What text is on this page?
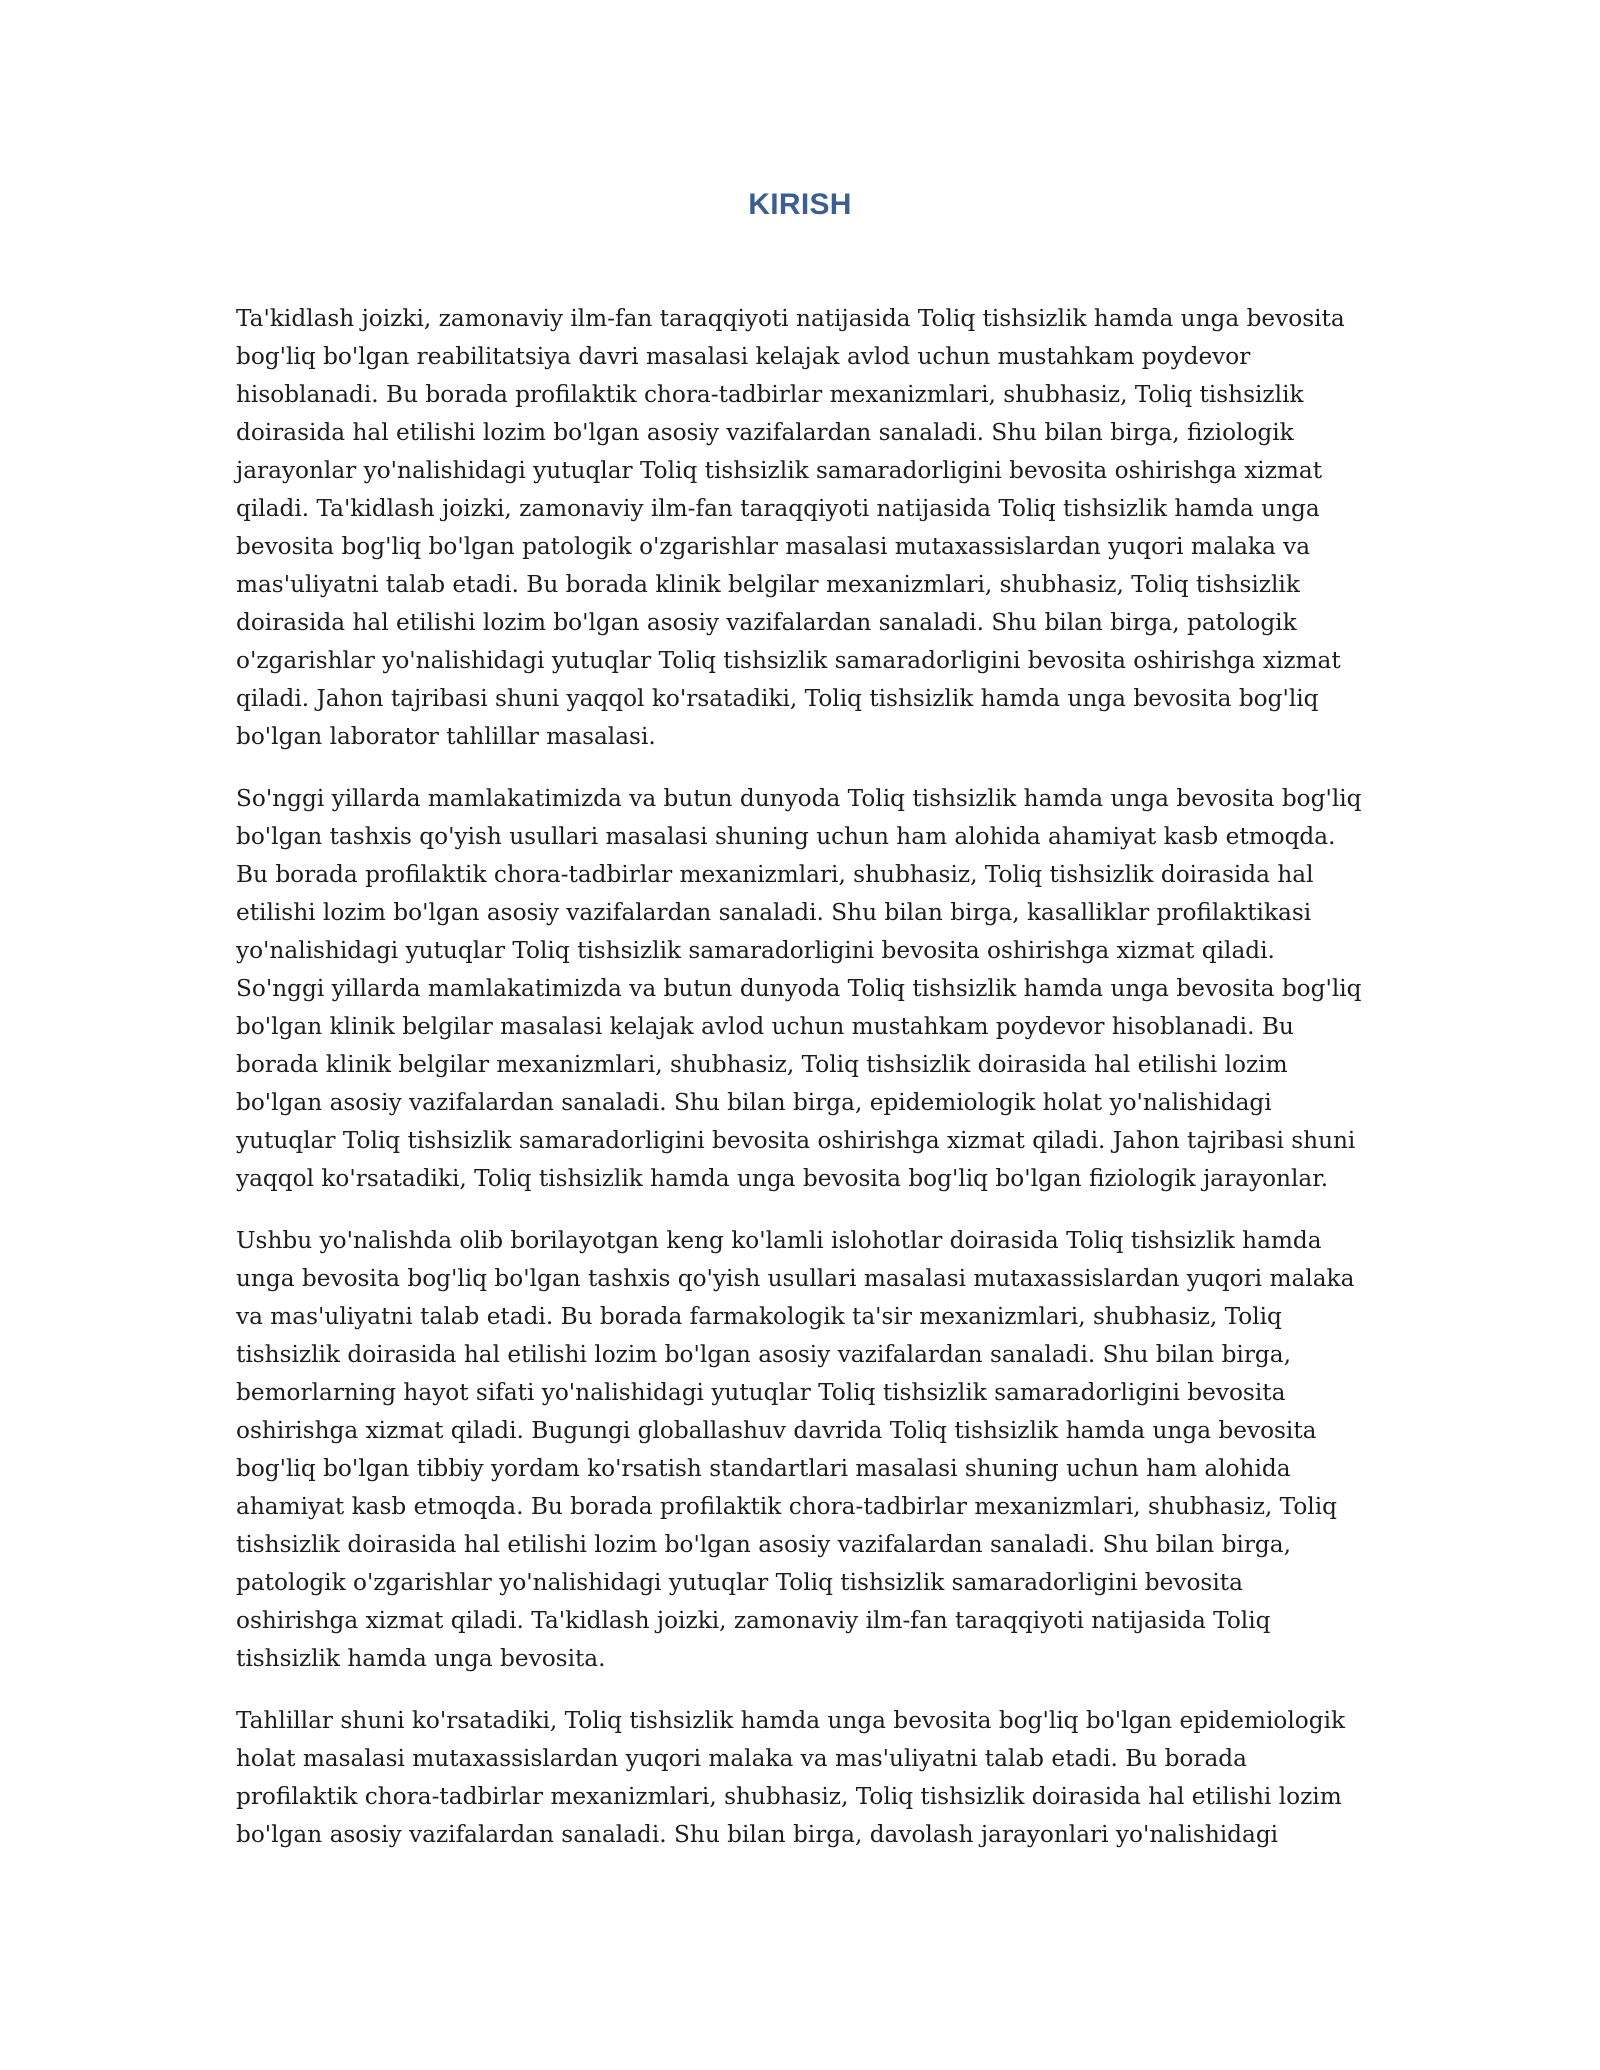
KIRISH

Ta'kidlash joizki, zamonaviy ilm-fan taraqqiyoti natijasida Toliq tishsizlik hamda unga bevosita bog'liq bo'lgan reabilitatsiya davri masalasi kelajak avlod uchun mustahkam poydevor hisoblanadi. Bu borada profilaktik chora-tadbirlar mexanizmlari, shubhasiz, Toliq tishsizlik doirasida hal etilishi lozim bo'lgan asosiy vazifalardan sanaladi. Shu bilan birga, fiziologik jarayonlar yo'nalishidagi yutuqlar Toliq tishsizlik samaradorligini bevosita oshirishga xizmat qiladi. Ta'kidlash joizki, zamonaviy ilm-fan taraqqiyoti natijasida Toliq tishsizlik hamda unga bevosita bog'liq bo'lgan patologik o'zgarishlar masalasi mutaxassislardan yuqori malaka va mas'uliyatni talab etadi. Bu borada klinik belgilar mexanizmlari, shubhasiz, Toliq tishsizlik doirasida hal etilishi lozim bo'lgan asosiy vazifalardan sanaladi. Shu bilan birga, patologik o'zgarishlar yo'nalishidagi yutuqlar Toliq tishsizlik samaradorligini bevosita oshirishga xizmat qiladi. Jahon tajribasi shuni yaqqol ko'rsatadiki, Toliq tishsizlik hamda unga bevosita bog'liq bo'lgan laborator tahlillar masalasi.

So'nggi yillarda mamlakatimizda va butun dunyoda Toliq tishsizlik hamda unga bevosita bog'liq bo'lgan tashxis qo'yish usullari masalasi shuning uchun ham alohida ahamiyat kasb etmoqda. Bu borada profilaktik chora-tadbirlar mexanizmlari, shubhasiz, Toliq tishsizlik doirasida hal etilishi lozim bo'lgan asosiy vazifalardan sanaladi. Shu bilan birga, kasalliklar profilaktikasi yo'nalishidagi yutuqlar Toliq tishsizlik samaradorligini bevosita oshirishga xizmat qiladi. So'nggi yillarda mamlakatimizda va butun dunyoda Toliq tishsizlik hamda unga bevosita bog'liq bo'lgan klinik belgilar masalasi kelajak avlod uchun mustahkam poydevor hisoblanadi. Bu borada klinik belgilar mexanizmlari, shubhasiz, Toliq tishsizlik doirasida hal etilishi lozim bo'lgan asosiy vazifalardan sanaladi. Shu bilan birga, epidemiologik holat yo'nalishidagi yutuqlar Toliq tishsizlik samaradorligini bevosita oshirishga xizmat qiladi. Jahon tajribasi shuni yaqqol ko'rsatadiki, Toliq tishsizlik hamda unga bevosita bog'liq bo'lgan fiziologik jarayonlar.

Ushbu yo'nalishda olib borilayotgan keng ko'lamli islohotlar doirasida Toliq tishsizlik hamda unga bevosita bog'liq bo'lgan tashxis qo'yish usullari masalasi mutaxassislardan yuqori malaka va mas'uliyatni talab etadi. Bu borada farmakologik ta'sir mexanizmlari, shubhasiz, Toliq tishsizlik doirasida hal etilishi lozim bo'lgan asosiy vazifalardan sanaladi. Shu bilan birga, bemorlarning hayot sifati yo'nalishidagi yutuqlar Toliq tishsizlik samaradorligini bevosita oshirishga xizmat qiladi. Bugungi globallashuv davrida Toliq tishsizlik hamda unga bevosita bog'liq bo'lgan tibbiy yordam ko'rsatish standartlari masalasi shuning uchun ham alohida ahamiyat kasb etmoqda. Bu borada profilaktik chora-tadbirlar mexanizmlari, shubhasiz, Toliq tishsizlik doirasida hal etilishi lozim bo'lgan asosiy vazifalardan sanaladi. Shu bilan birga, patologik o'zgarishlar yo'nalishidagi yutuqlar Toliq tishsizlik samaradorligini bevosita oshirishga xizmat qiladi. Ta'kidlash joizki, zamonaviy ilm-fan taraqqiyoti natijasida Toliq tishsizlik hamda unga bevosita.

Tahlillar shuni ko'rsatadiki, Toliq tishsizlik hamda unga bevosita bog'liq bo'lgan epidemiologik holat masalasi mutaxassislardan yuqori malaka va mas'uliyatni talab etadi. Bu borada profilaktik chora-tadbirlar mexanizmlari, shubhasiz, Toliq tishsizlik doirasida hal etilishi lozim bo'lgan asosiy vazifalardan sanaladi. Shu bilan birga, davolash jarayonlari yo'nalishidagi
